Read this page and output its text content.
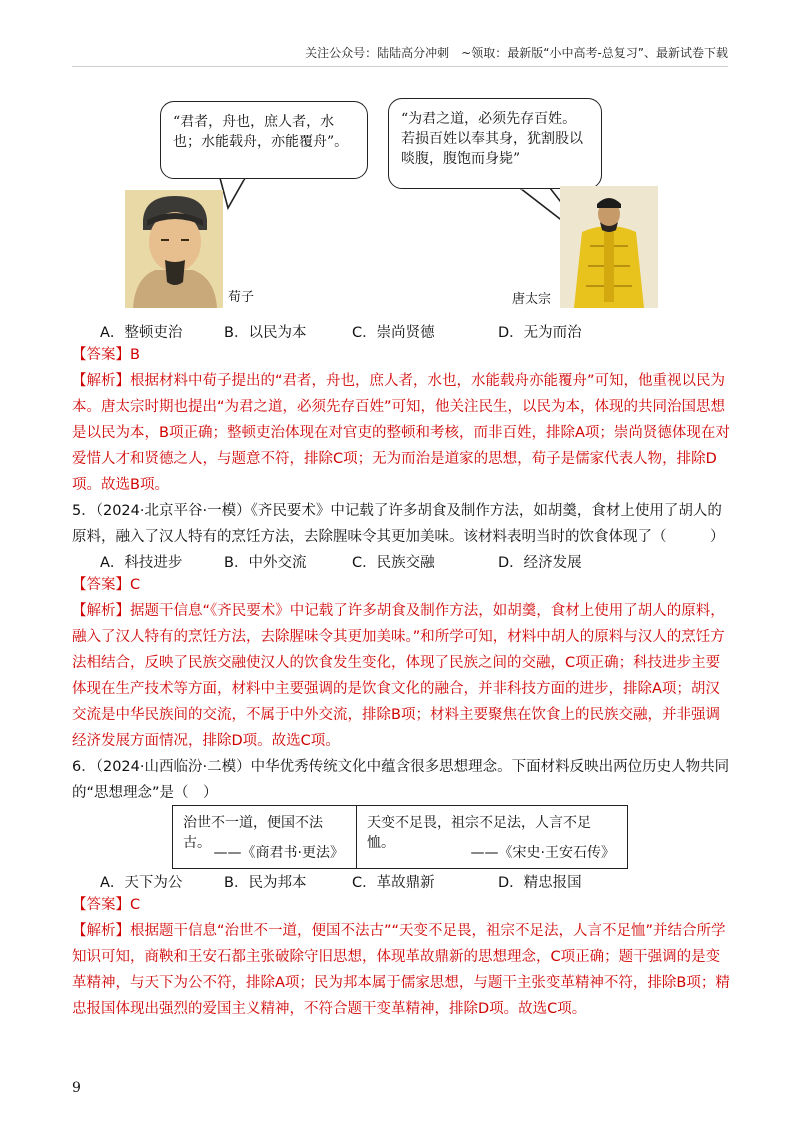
关注公众号：陆陆高分冲刺　~领取：最新版“小中高考-总复习”、最新试卷下载
“君者，舟也，庶人者，水也；水能载舟，亦能覆舟”。
“为君之道，必须先存百姓。若损百姓以奉其身，犹割股以啖腹，腹饱而身毙”
荀子	唐太宗
A．整顿吏治	B．以民为本	C．崇尚贤德	D．无为而治
【答案】B
【解析】根据材料中荀子提出的“君者，舟也，庶人者，水也，水能载舟亦能覆舟”可知，他重视以民为本。唐太宗时期也提出“为君之道，必须先存百姓”可知，他关注民生，以民为本，体现的共同治国思想是以民为本，B项正确；整顿吏治体现在对官吏的整顿和考核，而非百姓，排除A项；崇尚贤德体现在对爱惜人才和贤德之人，与题意不符，排除C项；无为而治是道家的思想，荀子是儒家代表人物，排除D项。故选B项。
5．（2024·北京平谷·一模）《齐民要术》中记载了许多胡食及制作方法，如胡羹，食材上使用了胡人的原料，融入了汉人特有的烹饪方法，去除腥味令其更加美味。该材料表明当时的饮食体现了（　　　）
A．科技进步	B．中外交流	C．民族交融	D．经济发展
【答案】C
【解析】据题干信息“《齐民要术》中记载了许多胡食及制作方法，如胡羹，食材上使用了胡人的原料，融入了汉人特有的烹饪方法，去除腥味令其更加美味。”和所学可知，材料中胡人的原料与汉人的烹饪方法相结合，反映了民族交融使汉人的饮食发生变化，体现了民族之间的交融，C项正确；科技进步主要体现在生产技术等方面，材料中主要强调的是饮食文化的融合，并非科技方面的进步，排除A项；胡汉交流是中华民族间的交流，不属于中外交流，排除B项；材料主要聚焦在饮食上的民族交融，并非强调经济发展方面情况，排除D项。故选C项。
6．（2024·山西临汾·二模）中华优秀传统文化中蕴含很多思想理念。下面材料反映出两位历史人物共同的“思想理念”是（　）
治世不一道，便国不法古。
——《商君书·更法》
天变不足畏，祖宗不足法，人言不足恤。
——《宋史·王安石传》
A．天下为公	B．民为邦本	C．革故鼎新	D．精忠报国
【答案】C
【解析】根据题干信息“治世不一道，便国不法古”“天变不足畏，祖宗不足法，人言不足恤”并结合所学知识可知，商鞅和王安石都主张破除守旧思想，体现革故鼎新的思想理念，C项正确；题干强调的是变革精神，与天下为公不符，排除A项；民为邦本属于儒家思想，与题干主张变革精神不符，排除B项；精忠报国体现出强烈的爱国主义精神，不符合题干变革精神，排除D项。故选C项。
9
